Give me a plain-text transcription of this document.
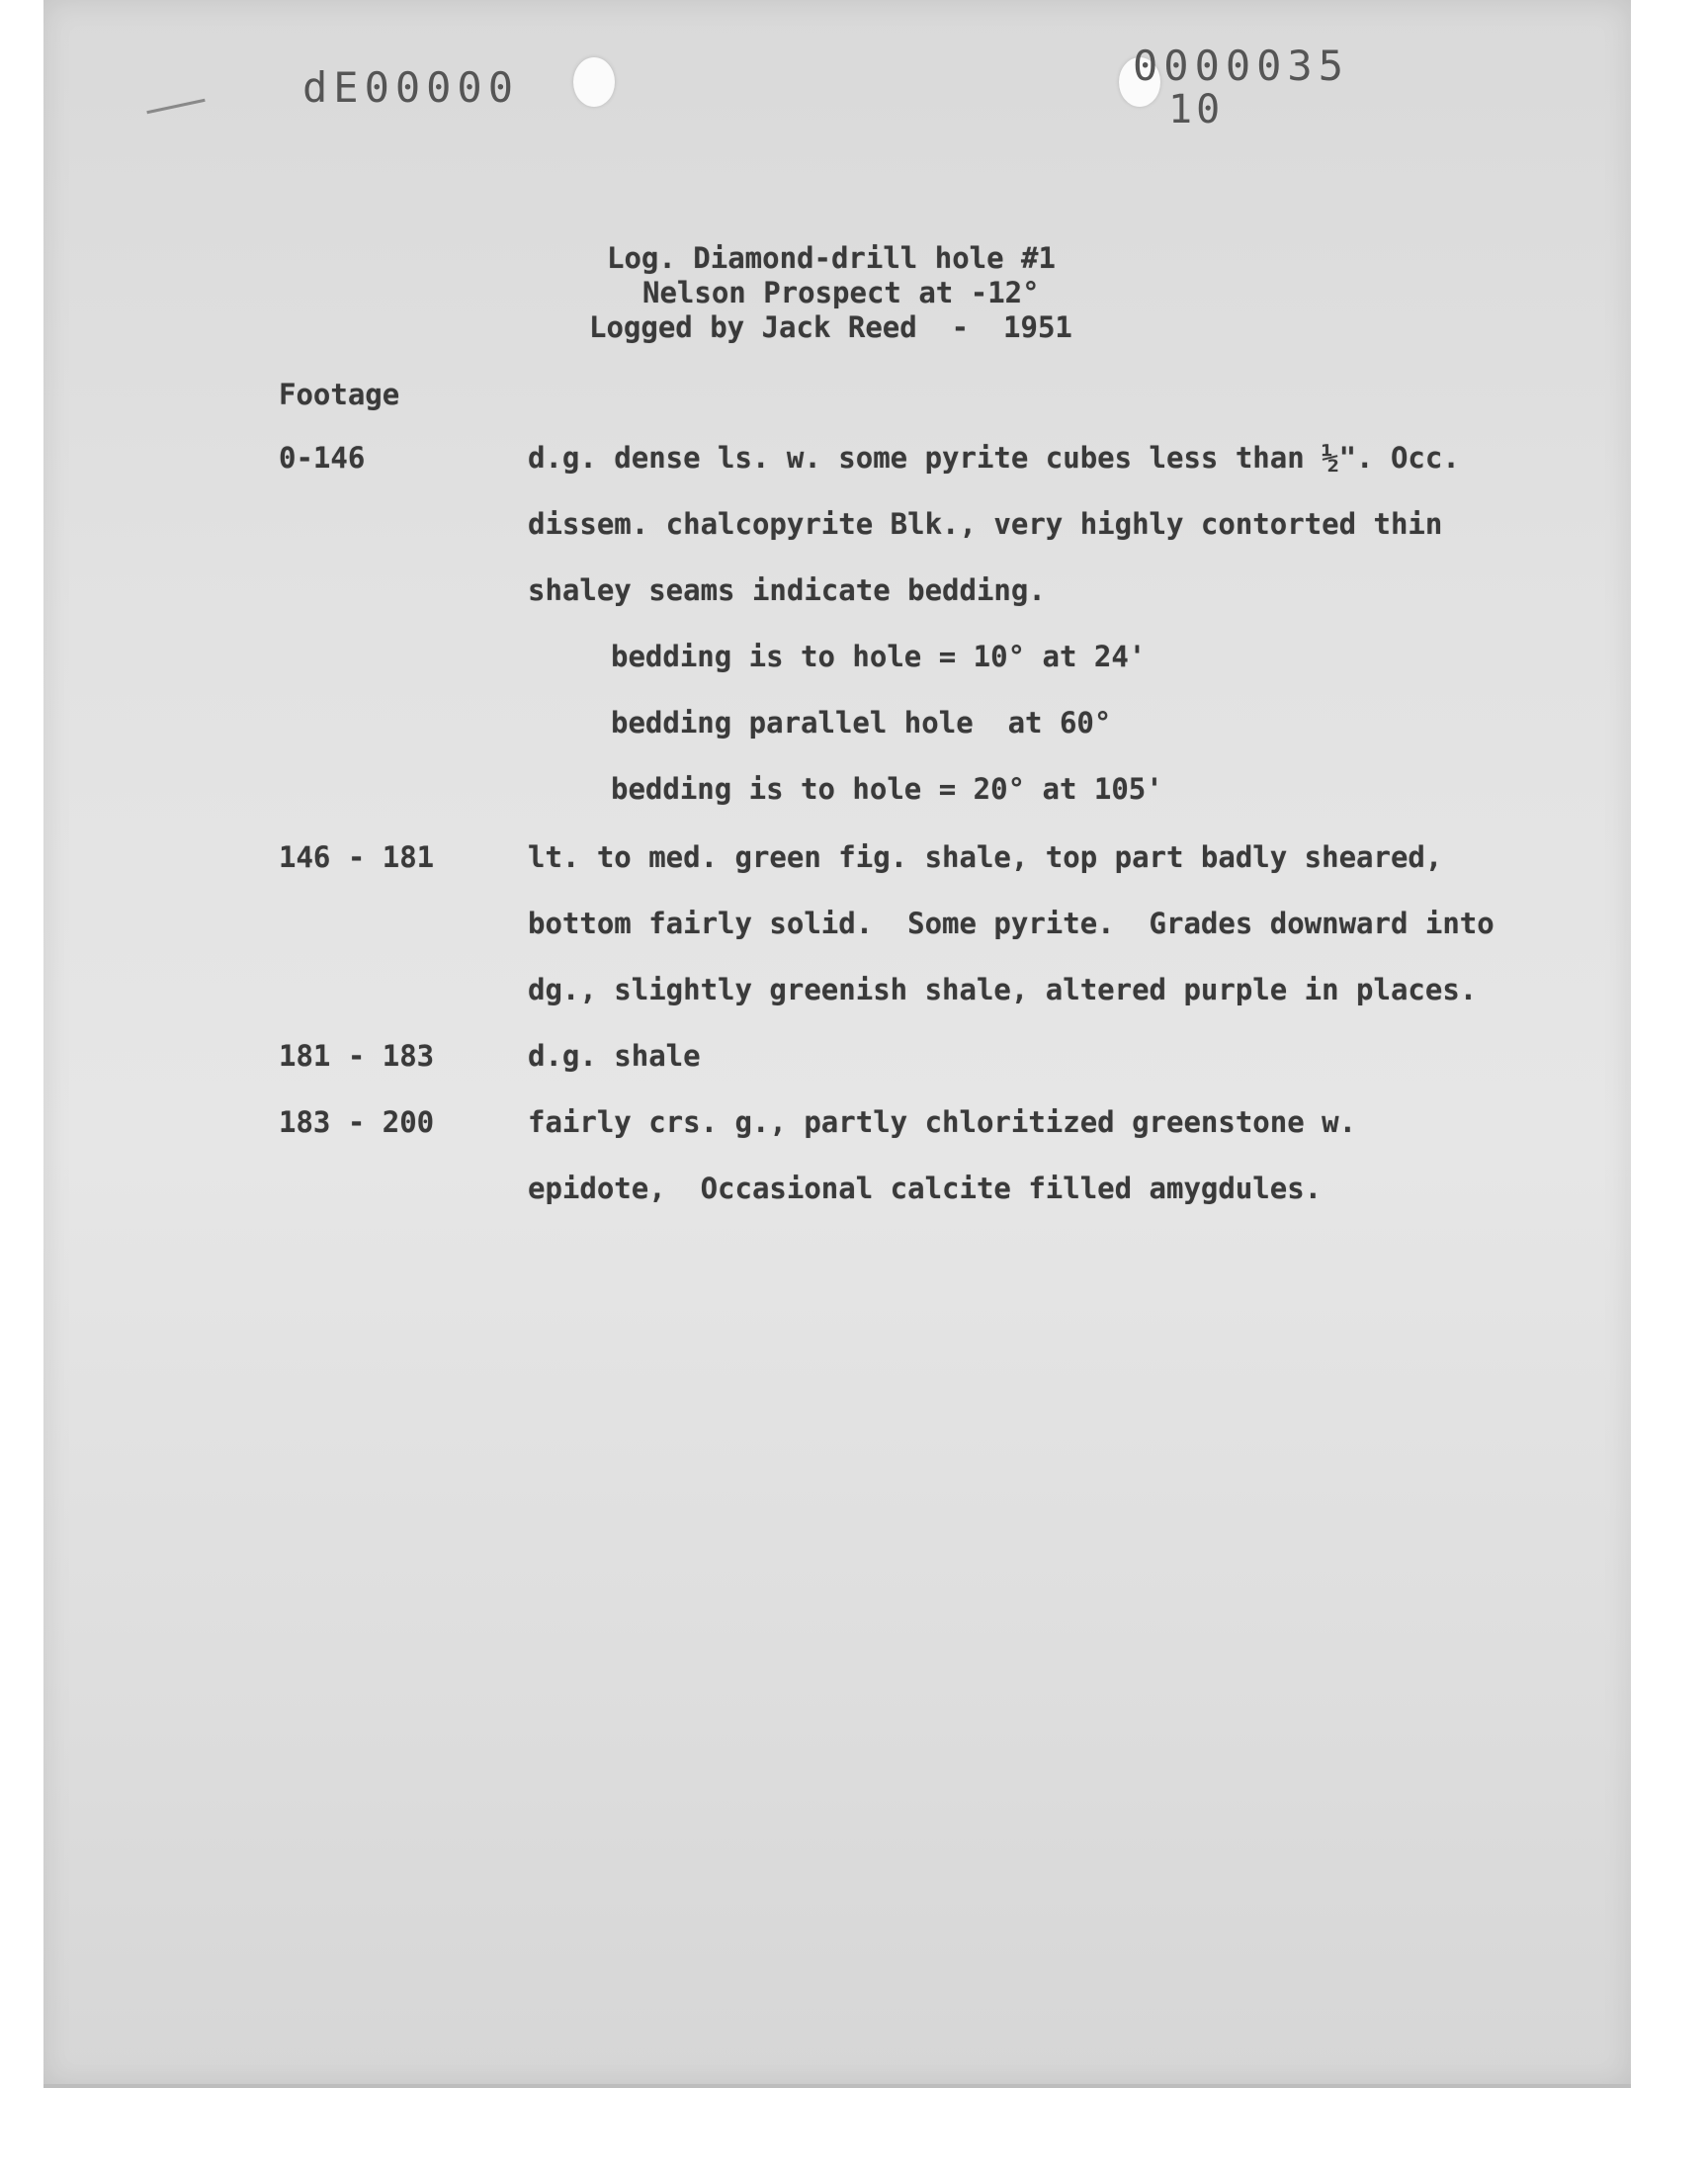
dE00000	0000035
10
Log. Diamond-drill hole #1
Nelson Prospect at -12°
Logged by Jack Reed  -  1951
Footage
0-146	d.g. dense ls. w. some pyrite cubes less than ½". Occ.
dissem. chalcopyrite Blk., very highly contorted thin
shaley seams indicate bedding.
bedding is to hole = 10° at 24'
bedding parallel hole  at 60°
bedding is to hole = 20° at 105'
146 - 181	lt. to med. green fig. shale, top part badly sheared,
bottom fairly solid.  Some pyrite.  Grades downward into
dg., slightly greenish shale, altered purple in places.
181 - 183	d.g. shale
183 - 200	fairly crs. g., partly chloritized greenstone w.
epidote,  Occasional calcite filled amygdules.
